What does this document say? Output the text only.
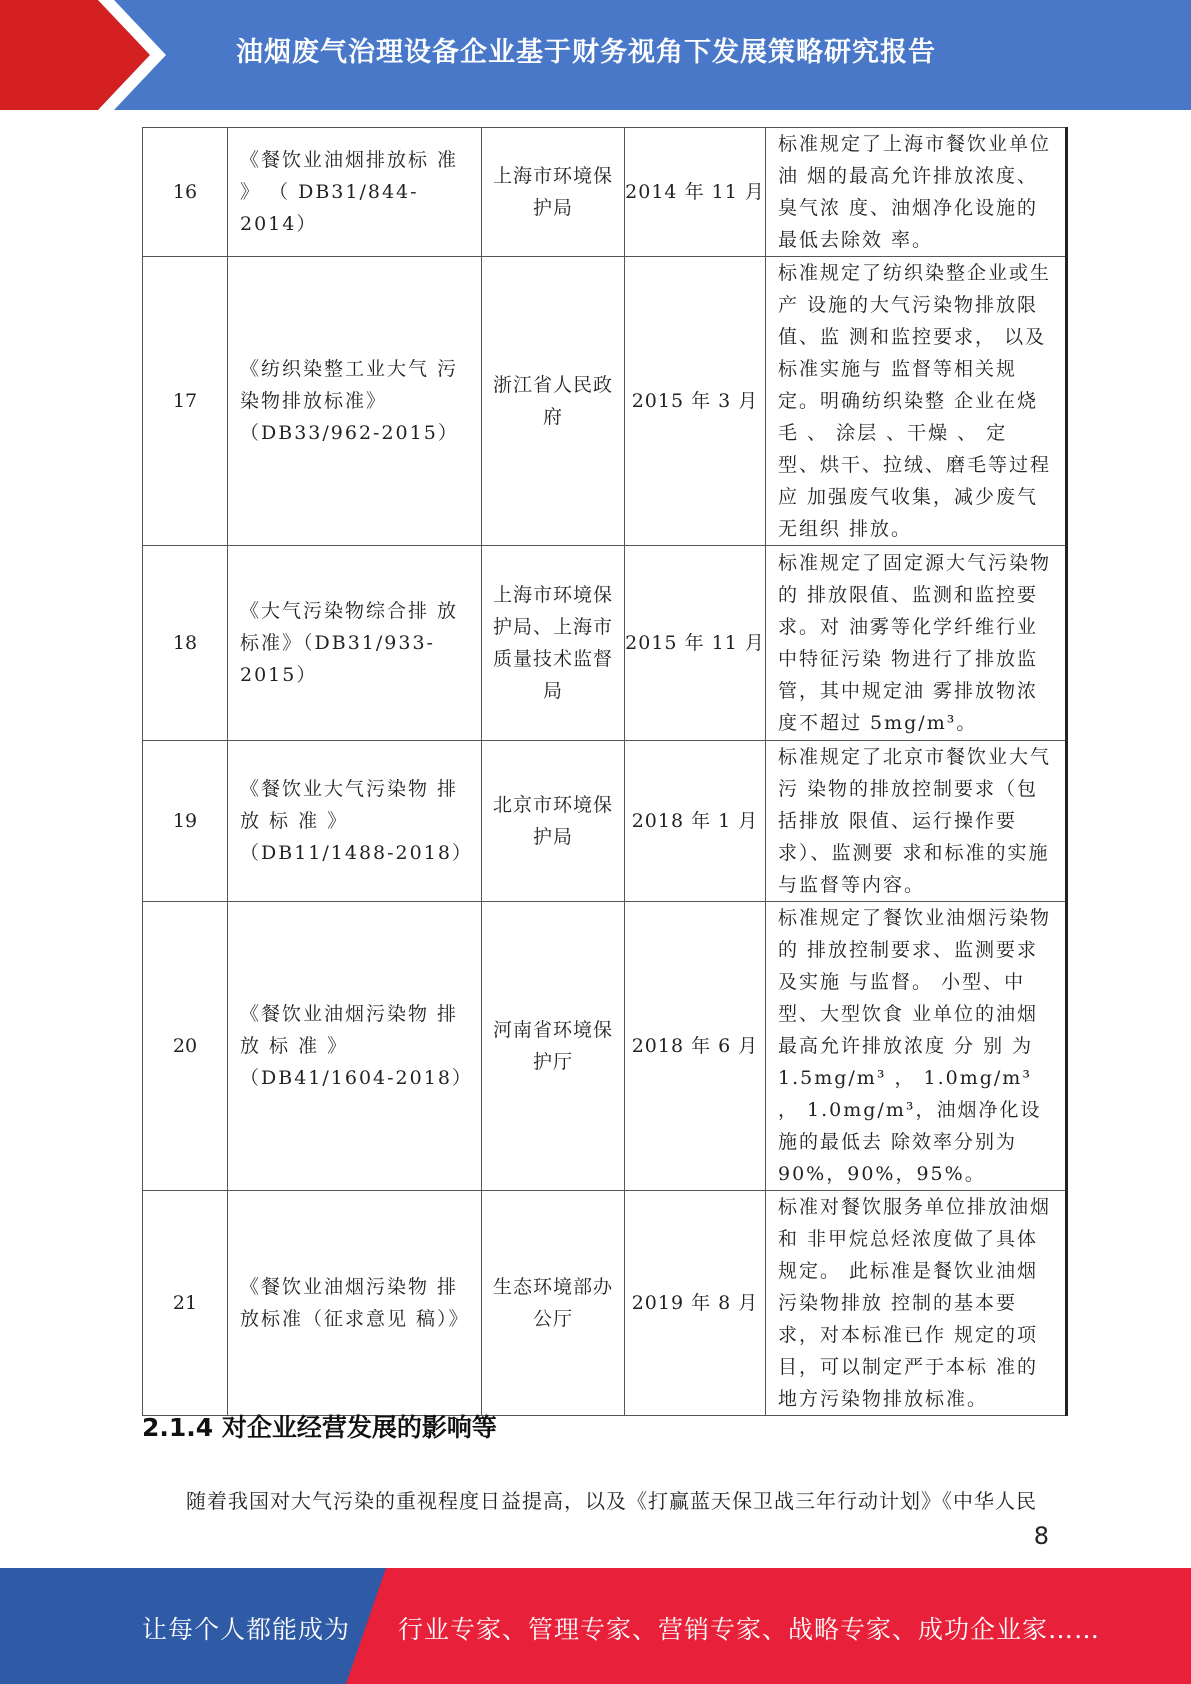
油烟废气治理设备企业基于财务视角下发展策略研究报告
16	《餐饮业油烟排放标 准 》 （ DB31/844- 2014）	上海市环境保护局	2014 年 11 月	标准规定了上海市餐饮业单位油 烟的最高允许排放浓度、 臭气浓 度、油烟净化设施的最低去除效 率。
17	《纺织染整工业大气 污染物排放标准》（DB33/962-2015）	浙江省人民政府	2015 年 3 月	标准规定了纺织染整企业或生产 设施的大气污染物排放限值、监 测和监控要求， 以及标准实施与 监督等相关规定。明确纺织染整 企业在烧毛 、 涂层 、干燥 、 定 型、烘干、拉绒、磨毛等过程应 加强废气收集，减少废气无组织 排放。
18	《大气污染物综合排 放标准》（DB31/933- 2015）	上海市环境保护局、上海市质量技术监督局	2015 年 11 月	标准规定了固定源大气污染物的 排放限值、监测和监控要求。对 油雾等化学纤维行业中特征污染 物进行了排放监管，其中规定油 雾排放物浓度不超过 5mg/m³。
19	《餐饮业大气污染物 排 放 标 准 》（DB11/1488-2018）	北京市环境保护局	2018 年 1 月	标准规定了北京市餐饮业大气污 染物的排放控制要求（包括排放 限值、运行操作要求）、监测要 求和标准的实施与监督等内容。
20	《餐饮业油烟污染物 排 放 标 准 》（DB41/1604-2018）	河南省环境保护厅	2018 年 6 月	标准规定了餐饮业油烟污染物的 排放控制要求、监测要求及实施 与监督。 小型、中型、大型饮食 业单位的油烟最高允许排放浓度 分 别 为 1.5mg/m³ ， 1.0mg/m³ ， 1.0mg/m³，油烟净化设施的最低去 除效率分别为 90%，90%，95%。
21	《餐饮业油烟污染物 排放标准（征求意见 稿）》	生态环境部办公厅	2019 年 8 月	标准对餐饮服务单位排放油烟和 非甲烷总烃浓度做了具体规定。 此标准是餐饮业油烟污染物排放 控制的基本要求，对本标准已作 规定的项目，可以制定严于本标 准的地方污染物排放标准。
2.1.4 对企业经营发展的影响等
随着我国对大气污染的重视程度日益提高，以及《打赢蓝天保卫战三年行动计划》《中华人民
8
让每个人都能成为 行业专家、管理专家、营销专家、战略专家、成功企业家……
